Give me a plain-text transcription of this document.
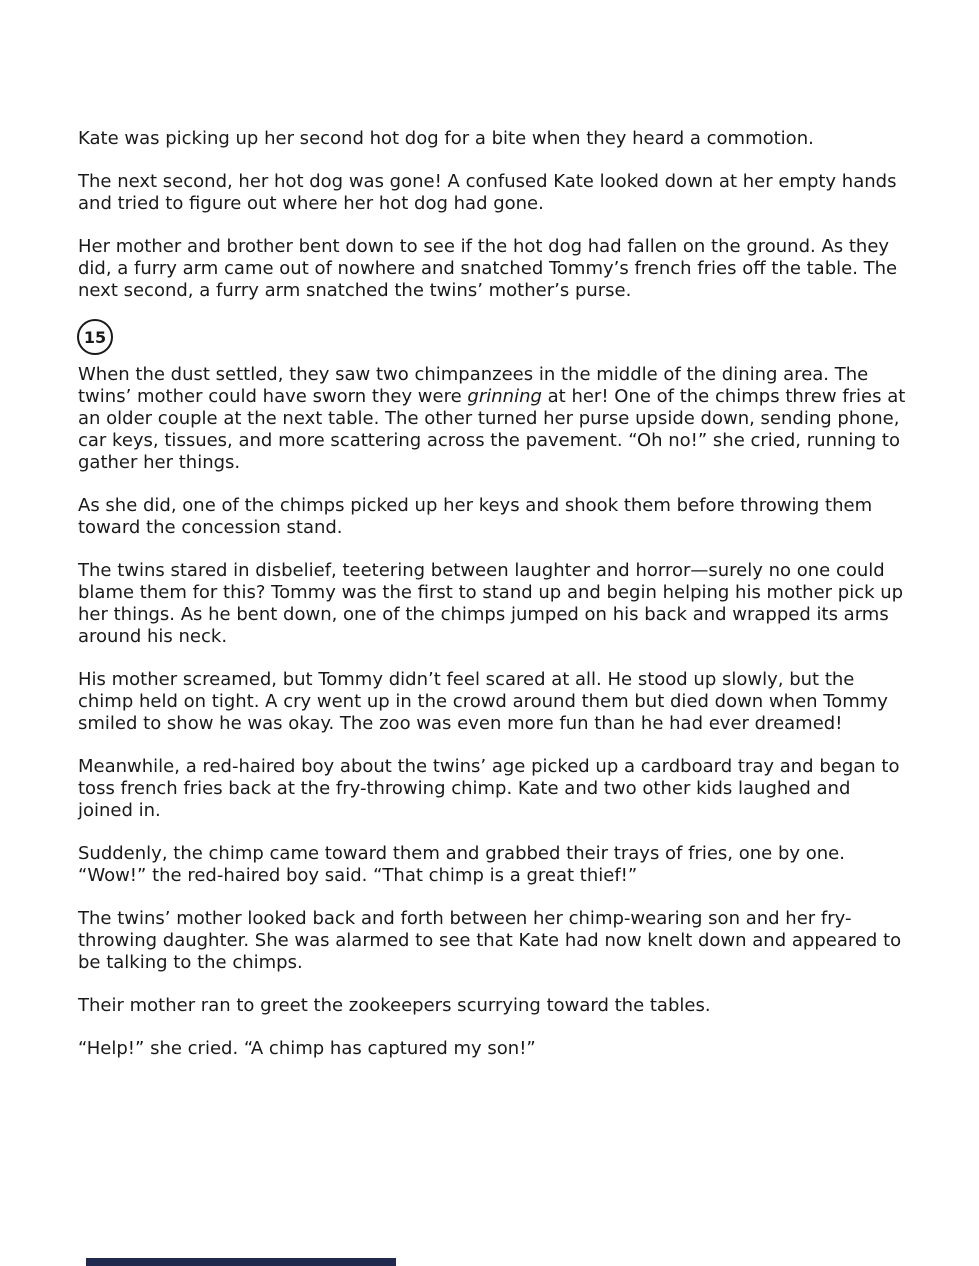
Kate was picking up her second hot dog for a bite when they heard a commotion.

The next second, her hot dog was gone! A confused Kate looked down at her empty hands and tried to figure out where her hot dog had gone.

Her mother and brother bent down to see if the hot dog had fallen on the ground. As they did, a furry arm came out of nowhere and snatched Tommy’s french fries off the table. The next second, a furry arm snatched the twins’ mother’s purse.

15

When the dust settled, they saw two chimpanzees in the middle of the dining area. The twins’ mother could have sworn they were grinning at her! One of the chimps threw fries at an older couple at the next table. The other turned her purse upside down, sending phone, car keys, tissues, and more scattering across the pavement. “Oh no!” she cried, running to gather her things.

As she did, one of the chimps picked up her keys and shook them before throwing them toward the concession stand.

The twins stared in disbelief, teetering between laughter and horror—surely no one could blame them for this? Tommy was the first to stand up and begin helping his mother pick up her things. As he bent down, one of the chimps jumped on his back and wrapped its arms around his neck.

His mother screamed, but Tommy didn’t feel scared at all. He stood up slowly, but the chimp held on tight. A cry went up in the crowd around them but died down when Tommy smiled to show he was okay. The zoo was even more fun than he had ever dreamed!

Meanwhile, a red-haired boy about the twins’ age picked up a cardboard tray and began to toss french fries back at the fry-throwing chimp. Kate and two other kids laughed and joined in.

Suddenly, the chimp came toward them and grabbed their trays of fries, one by one. “Wow!” the red-haired boy said. “That chimp is a great thief!”

The twins’ mother looked back and forth between her chimp-wearing son and her fry-throwing daughter. She was alarmed to see that Kate had now knelt down and appeared to be talking to the chimps.

Their mother ran to greet the zookeepers scurrying toward the tables.

“Help!” she cried. “A chimp has captured my son!”
